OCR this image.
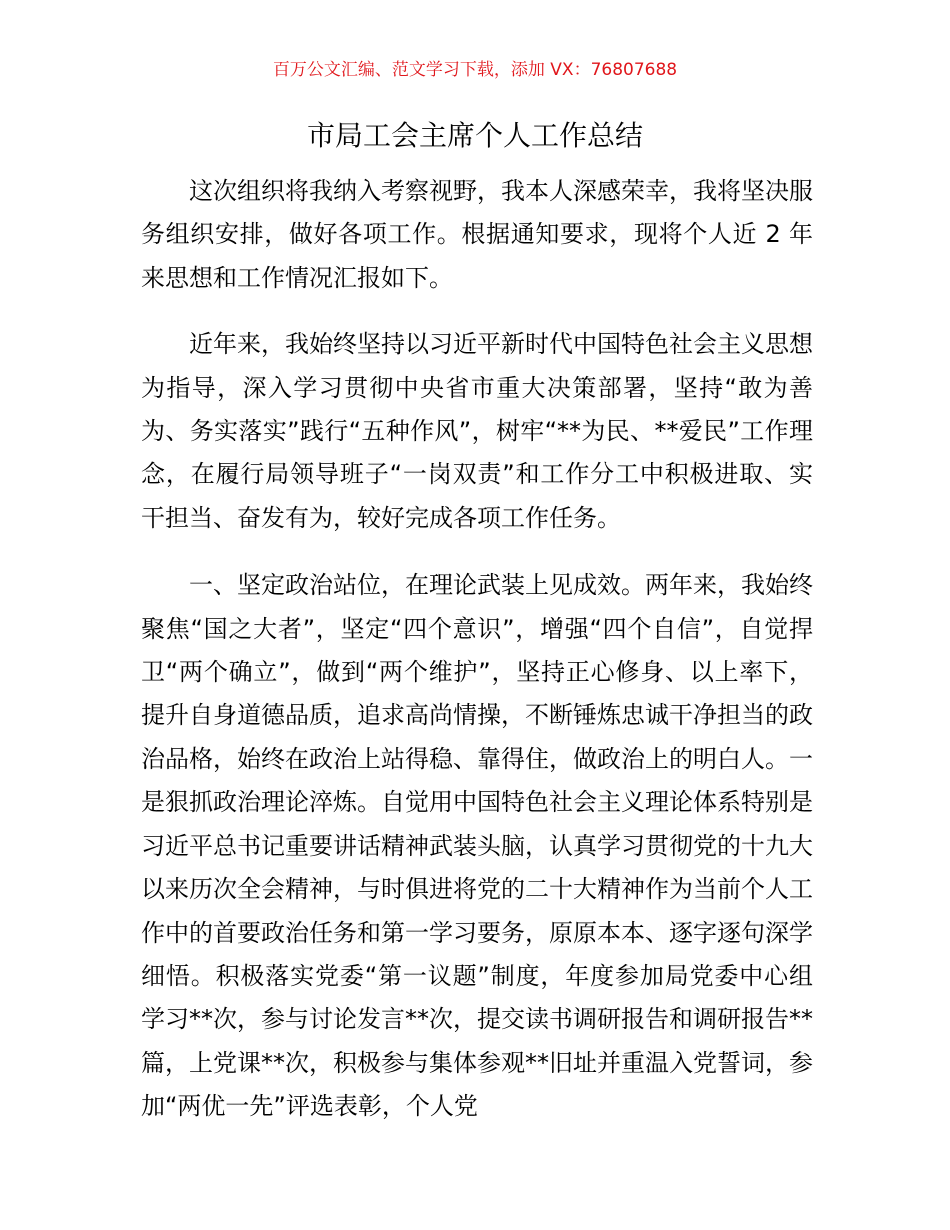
百万公文汇编、范文学习下载，添加 VX：76807688
市局工会主席个人工作总结

这次组织将我纳入考察视野，我本人深感荣幸，我将坚决服务组织安排，做好各项工作。根据通知要求，现将个人近 2 年来思想和工作情况汇报如下。

近年来，我始终坚持以习近平新时代中国特色社会主义思想为指导，深入学习贯彻中央省市重大决策部署，坚持“敢为善为、务实落实”践行“五种作风”，树牢“**为民、**爱民”工作理念，在履行局领导班子“一岗双责”和工作分工中积极进取、实干担当、奋发有为，较好完成各项工作任务。

一、坚定政治站位，在理论武装上见成效。两年来，我始终聚焦“国之大者”，坚定“四个意识”，增强“四个自信”，自觉捍卫“两个确立”，做到“两个维护”，坚持正心修身、以上率下，提升自身道德品质，追求高尚情操，不断锤炼忠诚干净担当的政治品格，始终在政治上站得稳、靠得住，做政治上的明白人。一是狠抓政治理论淬炼。自觉用中国特色社会主义理论体系特别是习近平总书记重要讲话精神武装头脑，认真学习贯彻党的十九大以来历次全会精神，与时俱进将党的二十大精神作为当前个人工作中的首要政治任务和第一学习要务，原原本本、逐字逐句深学细悟。积极落实党委“第一议题”制度，年度参加局党委中心组学习**次，参与讨论发言**次，提交读书调研报告和调研报告**篇，上党课**次，积极参与集体参观**旧址并重温入党誓词，参加“两优一先”评选表彰，个人党
